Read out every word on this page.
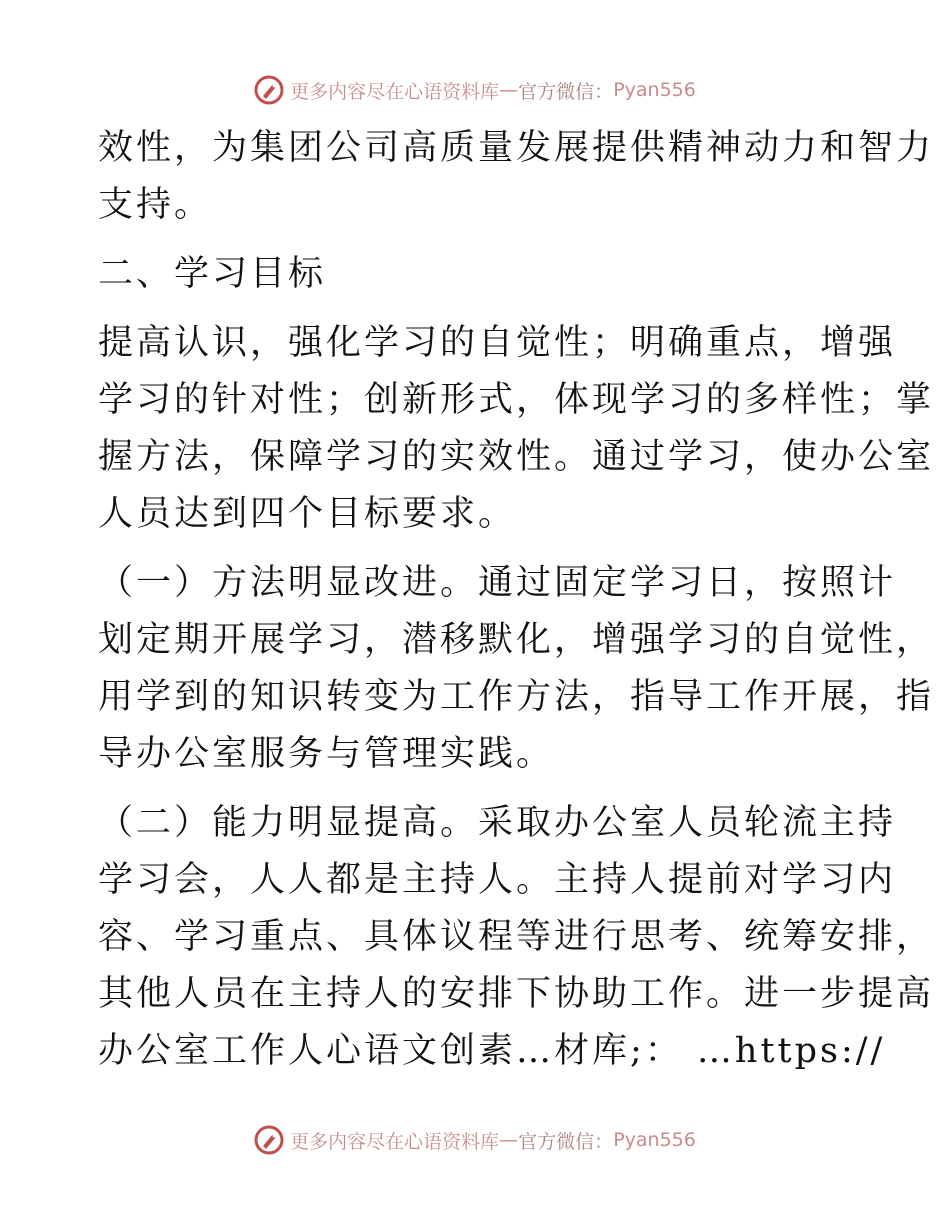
更多内容尽在心语资料库 — 官方微信： Pyan556

效性，为集团公司高质量发展提供精神动力和智力
支持。

二、学习目标

提高认识，强化学习的自觉性；明确重点，增强
学习的针对性；创新形式，体现学习的多样性；掌
握方法，保障学习的实效性。通过学习，使办公室
人员达到四个目标要求。

（一）方法明显改进。通过固定学习日，按照计
划定期开展学习，潜移默化，增强学习的自觉性，
用学到的知识转变为工作方法，指导工作开展，指
导办公室服务与管理实践。

（二）能力明显提高。采取办公室人员轮流主持
学习会，人人都是主持人。主持人提前对学习内
容、学习重点、具体议程等进行思考、统筹安排，
其他人员在主持人的安排下协助工作。进一步提高
办公室工作人心语文创素…材库;： …https://

更多内容尽在心语资料库 — 官方微信： Pyan556
